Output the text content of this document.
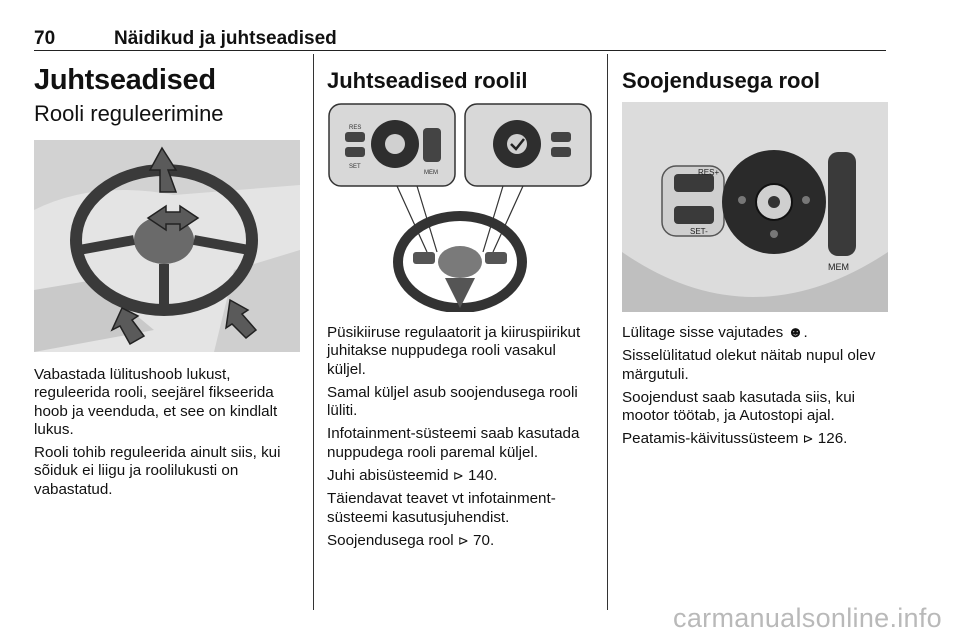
70	Näidikud ja juhtseadised
Juhtseadised
Rooli reguleerimine

Vabastada lülitushoob lukust, reguleerida rooli, seejärel fikseerida hoob ja veenduda, et see on kindlalt lukus.

Rooli tohib reguleerida ainult siis, kui sõiduk ei liigu ja roolilukusti on vabastatud.

Juhtseadised roolil
RES
SET
MEM

Püsikiiruse regulaatorit ja kiiruspiirikut juhitakse nuppudega rooli vasakul küljel.

Samal küljel asub soojendusega rooli lüliti.

Infotainment-süsteemi saab kasutada nuppudega rooli paremal küljel.

Juhi abisüsteemid ⊳ 140.

Täiendavat teavet vt infotainment-süsteemi kasutusjuhendist.

Soojendusega rool ⊳ 70.

Soojendusega rool
RES+
SET-
MEM

Lülitage sisse vajutades ☻.

Sisselülitatud olekut näitab nupul olev märgutuli.

Soojendust saab kasutada siis, kui mootor töötab, ja Autostopi ajal.

Peatamis-käivitussüsteem ⊳ 126.

carmanualsonline.info
